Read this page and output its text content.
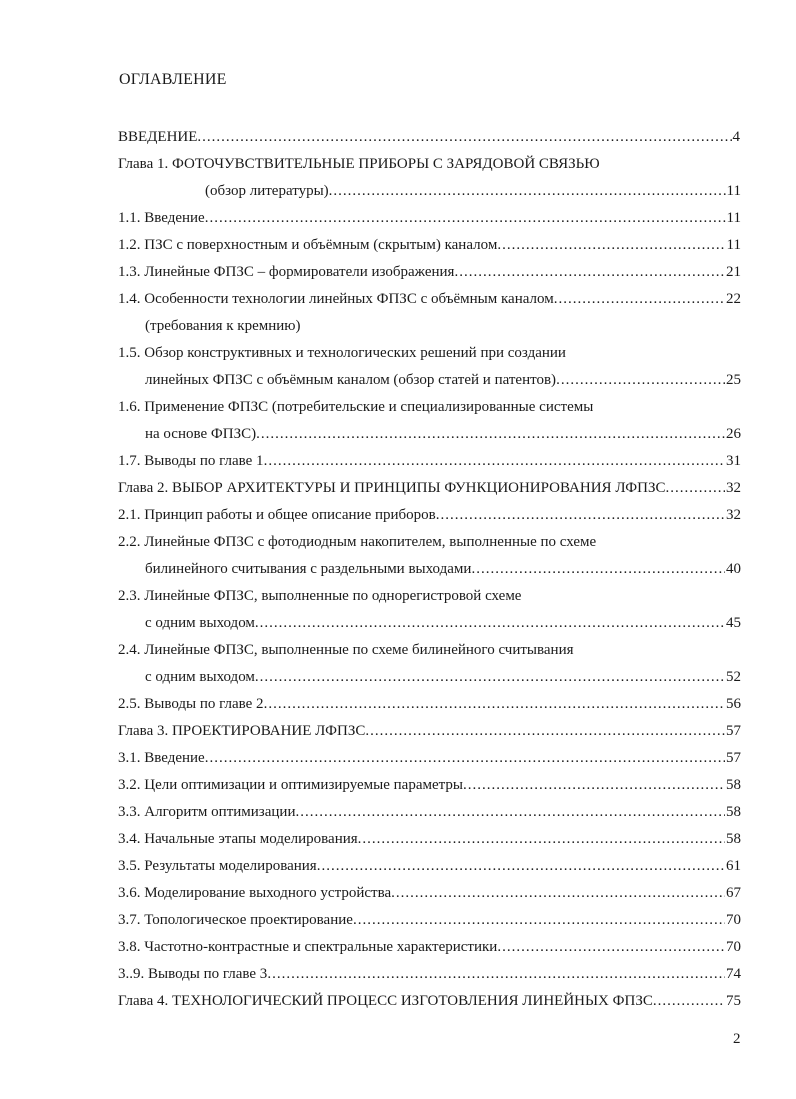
ОГЛАВЛЕНИЕ
ВВЕДЕНИЕ .....	4
Глава 1. ФОТОЧУВСТВИТЕЛЬНЫЕ ПРИБОРЫ С ЗАРЯДОВОЙ СВЯЗЬЮ
(обзор литературы) .....	11
1.1. Введение .....	11
1.2. ПЗС с поверхностным и объёмным (скрытым) каналом .....	11
1.3. Линейные ФПЗС – формирователи изображения .....	21
1.4. Особенности технологии линейных ФПЗС с объёмным каналом .....	22
(требования к кремнию)
1.5. Обзор конструктивных и технологических решений при создании
линейных ФПЗС с объёмным каналом (обзор статей и патентов) .....	25
1.6. Применение ФПЗС (потребительские и специализированные системы
на основе ФПЗС) .....	26
1.7. Выводы по главе 1 .....	31
Глава 2. ВЫБОР АРХИТЕКТУРЫ И ПРИНЦИПЫ ФУНКЦИОНИРОВАНИЯ ЛФПЗС .....	32
2.1. Принцип работы и общее описание приборов .....	32
2.2. Линейные ФПЗС с фотодиодным накопителем, выполненные по схеме
билинейного считывания с раздельными выходами .....	40
2.3. Линейные ФПЗС, выполненные по однорегистровой схеме
с одним выходом .....	45
2.4. Линейные ФПЗС, выполненные по схеме билинейного считывания
с одним выходом .....	52
2.5. Выводы по главе 2 .....	56
Глава 3. ПРОЕКТИРОВАНИЕ ЛФПЗС .....	57
3.1. Введение .....	57
3.2. Цели оптимизации и оптимизируемые параметры .....	58
3.3. Алгоритм оптимизации .....	58
3.4. Начальные этапы моделирования .....	58
3.5. Результаты моделирования .....	61
3.6. Моделирование выходного устройства .....	67
3.7. Топологическое проектирование .....	70
3.8. Частотно-контрастные и спектральные характеристики .....	70
3..9. Выводы по главе 3 .....	74
Глава 4. ТЕХНОЛОГИЧЕСКИЙ ПРОЦЕСС ИЗГОТОВЛЕНИЯ ЛИНЕЙНЫХ ФПЗС .....	75
2
